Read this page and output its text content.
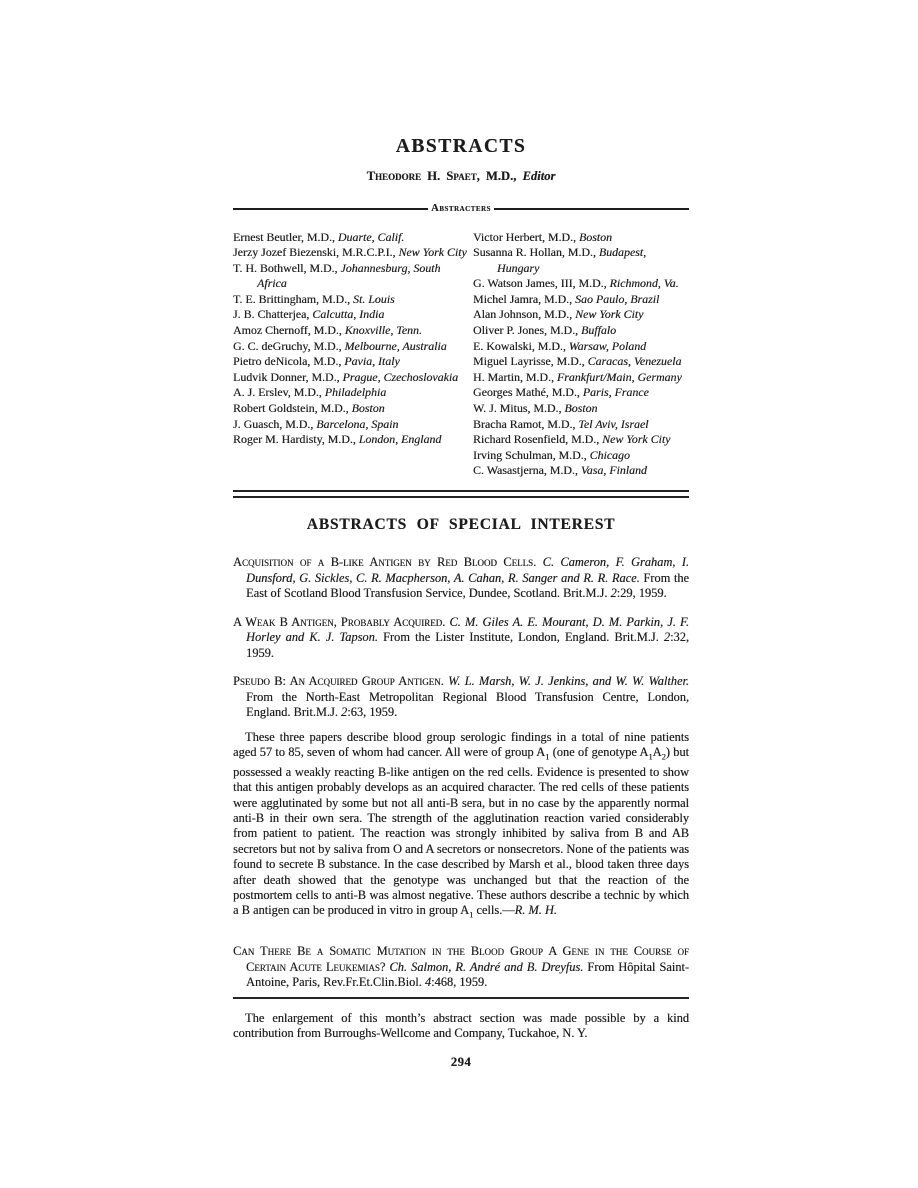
ABSTRACTS
Theodore H. Spaet, M.D., Editor
Abstracters
Ernest Beutler, M.D., Duarte, Calif.
Jerzy Jozef Biezenski, M.R.C.P.I., New York City
T. H. Bothwell, M.D., Johannesburg, South Africa
T. E. Brittingham, M.D., St. Louis
J. B. Chatterjea, Calcutta, India
Amoz Chernoff, M.D., Knoxville, Tenn.
G. C. deGruchy, M.D., Melbourne, Australia
Pietro deNicola, M.D., Pavia, Italy
Ludvik Donner, M.D., Prague, Czechoslovakia
A. J. Erslev, M.D., Philadelphia
Robert Goldstein, M.D., Boston
J. Guasch, M.D., Barcelona, Spain
Roger M. Hardisty, M.D., London, England
Victor Herbert, M.D., Boston
Susanna R. Hollan, M.D., Budapest, Hungary
G. Watson James, III, M.D., Richmond, Va.
Michel Jamra, M.D., Sao Paulo, Brazil
Alan Johnson, M.D., New York City
Oliver P. Jones, M.D., Buffalo
E. Kowalski, M.D., Warsaw, Poland
Miguel Layrisse, M.D., Caracas, Venezuela
H. Martin, M.D., Frankfurt/Main, Germany
Georges Mathé, M.D., Paris, France
W. J. Mitus, M.D., Boston
Bracha Ramot, M.D., Tel Aviv, Israel
Richard Rosenfield, M.D., New York City
Irving Schulman, M.D., Chicago
C. Wasastjerna, M.D., Vasa, Finland
ABSTRACTS OF SPECIAL INTEREST

Acquisition of a B-like Antigen by Red Blood Cells. C. Cameron, F. Graham, I. Dunsford, G. Sickles, C. R. Macpherson, A. Cahan, R. Sanger and R. R. Race. From the East of Scotland Blood Transfusion Service, Dundee, Scotland. Brit.M.J. 2:29, 1959.

A Weak B Antigen, Probably Acquired. C. M. Giles A. E. Mourant, D. M. Parkin, J. F. Horley and K. J. Tapson. From the Lister Institute, London, England. Brit.M.J. 2:32, 1959.

Pseudo B: An Acquired Group Antigen. W. L. Marsh, W. J. Jenkins, and W. W. Walther. From the North-East Metropolitan Regional Blood Transfusion Centre, London, England. Brit.M.J. 2:63, 1959.

These three papers describe blood group serologic findings in a total of nine patients aged 57 to 85, seven of whom had cancer. All were of group $A_1$ (one of genotype $A_1A_2$) but possessed a weakly reacting B-like antigen on the red cells. Evidence is presented to show that this antigen probably develops as an acquired character. The red cells of these patients were agglutinated by some but not all anti-B sera, but in no case by the apparently normal anti-B in their own sera. The strength of the agglutination reaction varied considerably from patient to patient. The reaction was strongly inhibited by saliva from B and AB secretors but not by saliva from O and A secretors or nonsecretors. None of the patients was found to secrete B substance. In the case described by Marsh et al., blood taken three days after death showed that the genotype was unchanged but that the reaction of the postmortem cells to anti-B was almost negative. These authors describe a technic by which a B antigen can be produced in vitro in group $A_1$ cells.—R. M. H.

Can There Be a Somatic Mutation in the Blood Group A Gene in the Course of Certain Acute Leukemias? Ch. Salmon, R. André and B. Dreyfus. From Hôpital Saint-Antoine, Paris, Rev.Fr.Et.Clin.Biol. 4:468, 1959.

The enlargement of this month’s abstract section was made possible by a kind contribution from Burroughs-Wellcome and Company, Tuckahoe, N. Y.

294
